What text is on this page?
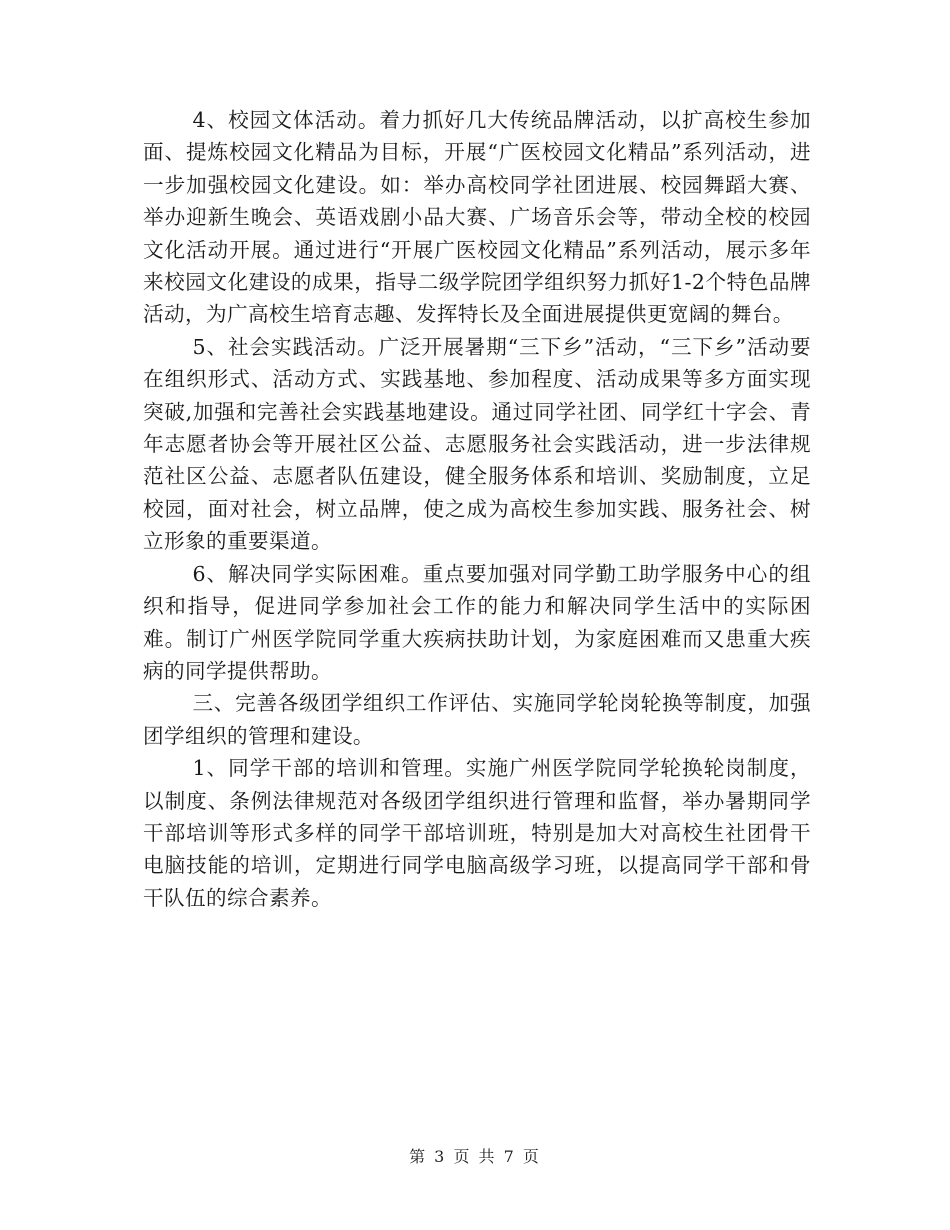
4、校园文体活动。着力抓好几大传统品牌活动，以扩高校生参加面、提炼校园文化精品为目标，开展“广医校园文化精品”系列活动，进一步加强校园文化建设。如：举办高校同学社团进展、校园舞蹈大赛、举办迎新生晚会、英语戏剧小品大赛、广场音乐会等，带动全校的校园文化活动开展。通过进行“开展广医校园文化精品”系列活动，展示多年来校园文化建设的成果，指导二级学院团学组织努力抓好1-2个特色品牌活动，为广高校生培育志趣、发挥特长及全面进展提供更宽阔的舞台。

5、社会实践活动。广泛开展暑期“三下乡”活动，“三下乡”活动要在组织形式、活动方式、实践基地、参加程度、活动成果等多方面实现突破,加强和完善社会实践基地建设。通过同学社团、同学红十字会、青年志愿者协会等开展社区公益、志愿服务社会实践活动，进一步法律规范社区公益、志愿者队伍建设，健全服务体系和培训、奖励制度，立足校园，面对社会，树立品牌，使之成为高校生参加实践、服务社会、树立形象的重要渠道。

6、解决同学实际困难。重点要加强对同学勤工助学服务中心的组织和指导，促进同学参加社会工作的能力和解决同学生活中的实际困难。制订广州医学院同学重大疾病扶助计划，为家庭困难而又患重大疾病的同学提供帮助。

三、完善各级团学组织工作评估、实施同学轮岗轮换等制度，加强团学组织的管理和建设。

1、同学干部的培训和管理。实施广州医学院同学轮换轮岗制度，以制度、条例法律规范对各级团学组织进行管理和监督，举办暑期同学干部培训等形式多样的同学干部培训班，特别是加大对高校生社团骨干电脑技能的培训，定期进行同学电脑高级学习班，以提高同学干部和骨干队伍的综合素养。

第 3 页 共 7 页
